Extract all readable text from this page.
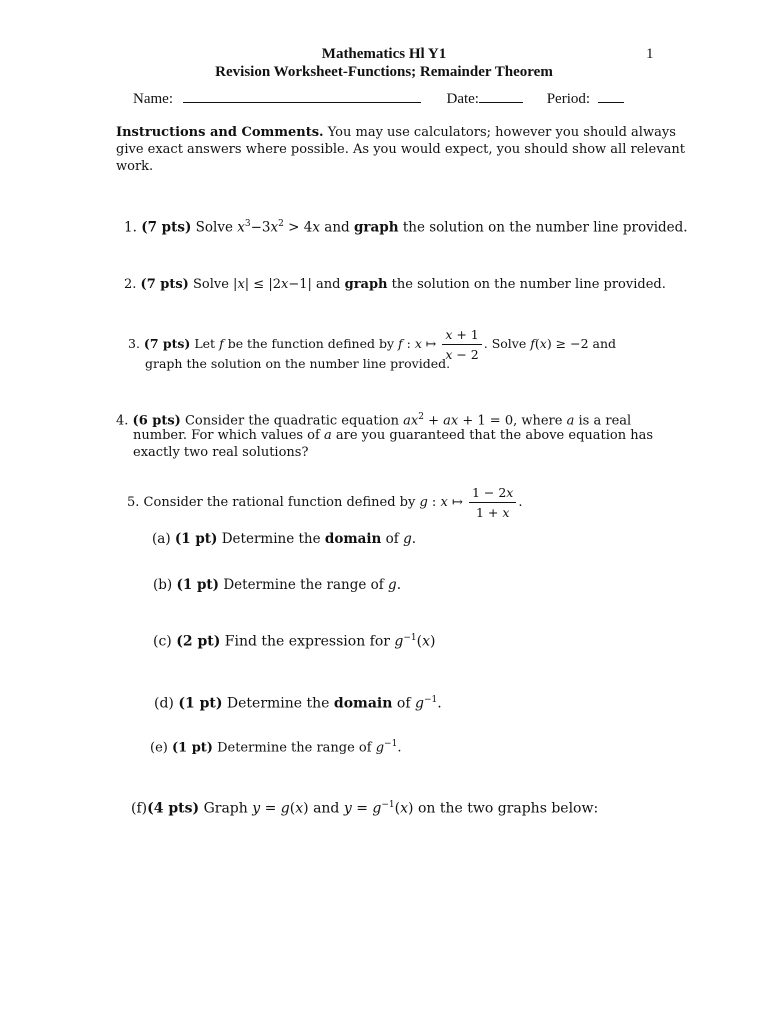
Mathematics Hl Y1	1
Revision Worksheet-Functions; Remainder Theorem
Name:	Date:	Period:
Instructions and Comments. You may use calculators; however you should always
give exact answers where possible. As you would expect, you should show all relevant
work.
1. (7 pts) Solve $x^3-3x^2 > 4x$ and graph the solution on the number line provided.
2. (7 pts) Solve |x| ≤ |2x−1| and graph the solution on the number line provided.
3. (7 pts) Let f be the function defined by f : x ↦ $\frac{x + 1}{x - 2}$ . Solve f(x) ≥ −2 and
graph the solution on the number line provided.
4. (6 pts) Consider the quadratic equation $ax^2$ + ax + 1 = 0, where a is a real
number. For which values of a are you guaranteed that the above equation has
exactly two real solutions?
5. Consider the rational function defined by g : x ↦ $\frac{1 - 2x}{1 + x}$ .
(a) (1 pt) Determine the domain of g.
(b) (1 pt) Determine the range of g.
(c) (2 pt) Find the expression for $g^{-1}(x)$
(d) (1 pt) Determine the domain of $g^{-1}$.
(e) (1 pt) Determine the range of $g^{-1}$.
(f)(4 pts) Graph y = g(x) and $y = g^{-1}(x)$ on the two graphs below:
